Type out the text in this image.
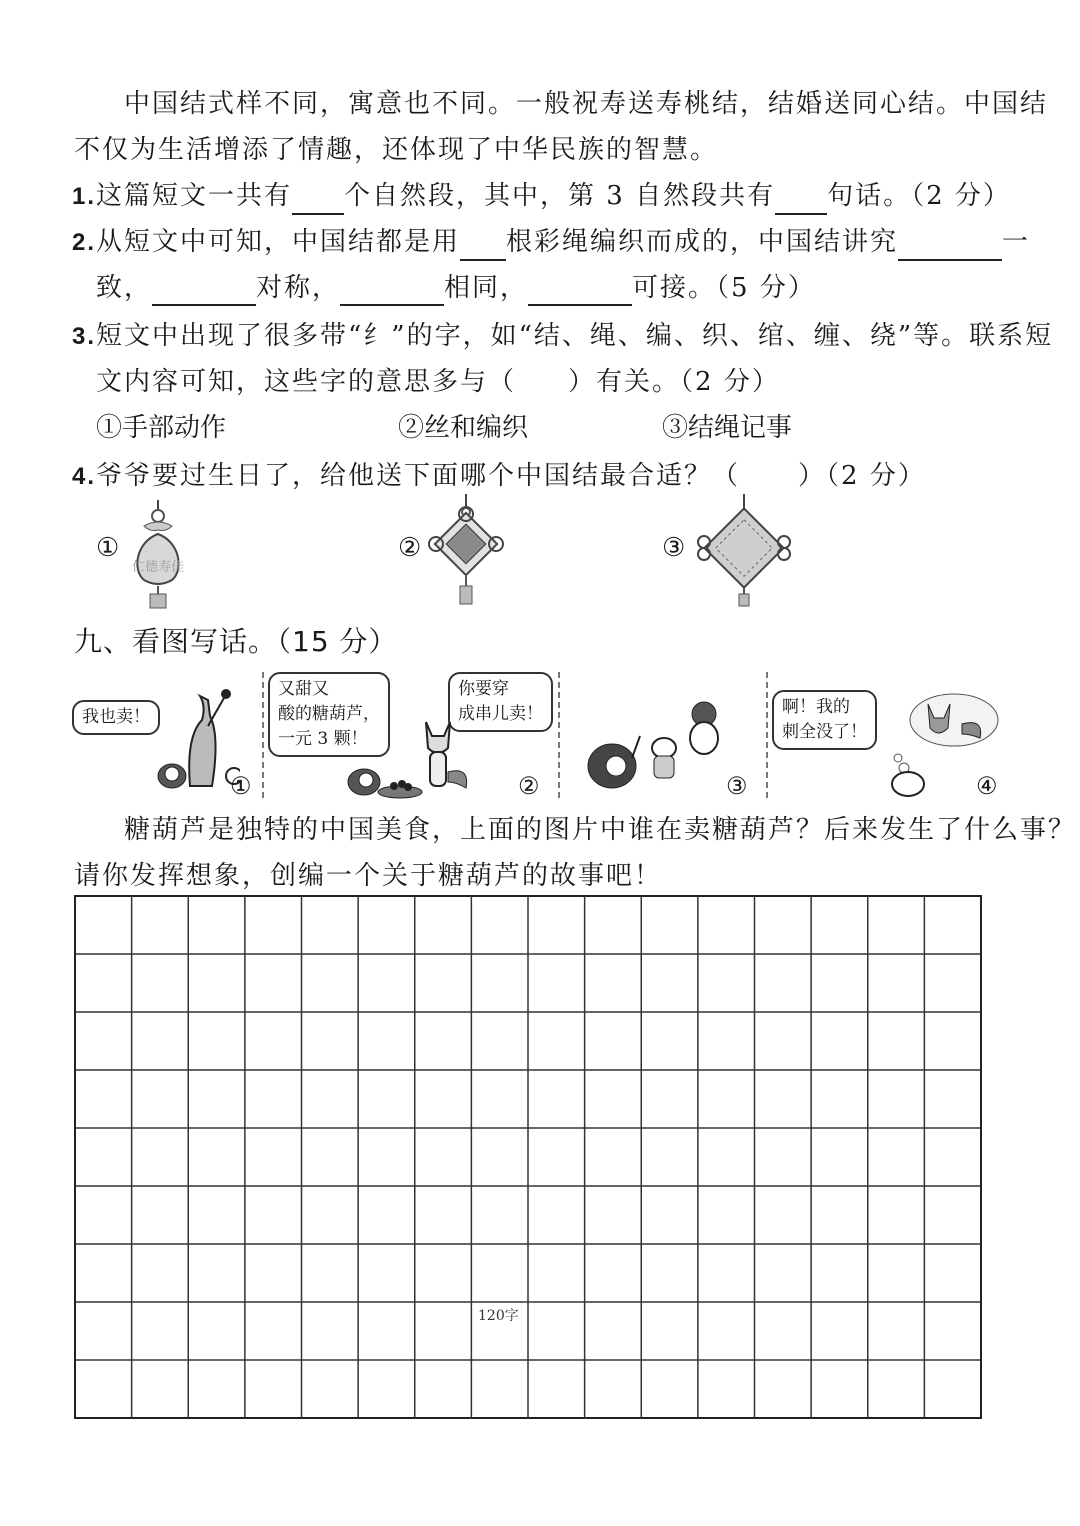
中国结式样不同，寓意也不同。一般祝寿送寿桃结，结婚送同心结。中国结
不仅为生活增添了情趣，还体现了中华民族的智慧。
1.这篇短文一共有 个自然段，其中，第 3 自然段共有 句话。（2 分）
2.从短文中可知，中国结都是用 根彩绳编织而成的，中国结讲究	一
致，	对称，	相同，	可接。（5 分）
3.短文中出现了很多带“纟”的字，如“结、绳、编、织、绾、缠、绕”等。联系短
文内容可知，这些字的意思多与（ ）有关。（2 分）
①手部动作	②丝和编织	③结绳记事
4.爷爷要过生日了，给他送下面哪个中国结最合适？（ ）（2 分）
①
仁德寿佳
②	③
九、看图写话。（15 分）
我也卖！
①
又甜又
酸的糖葫芦，
一元 3 颗！
你要穿
成串儿卖！
②	③
啊！我的
刺全没了！
④
糖葫芦是独特的中国美食，上面的图片中谁在卖糖葫芦？后来发生了什么事？
请你发挥想象，创编一个关于糖葫芦的故事吧！
120字
